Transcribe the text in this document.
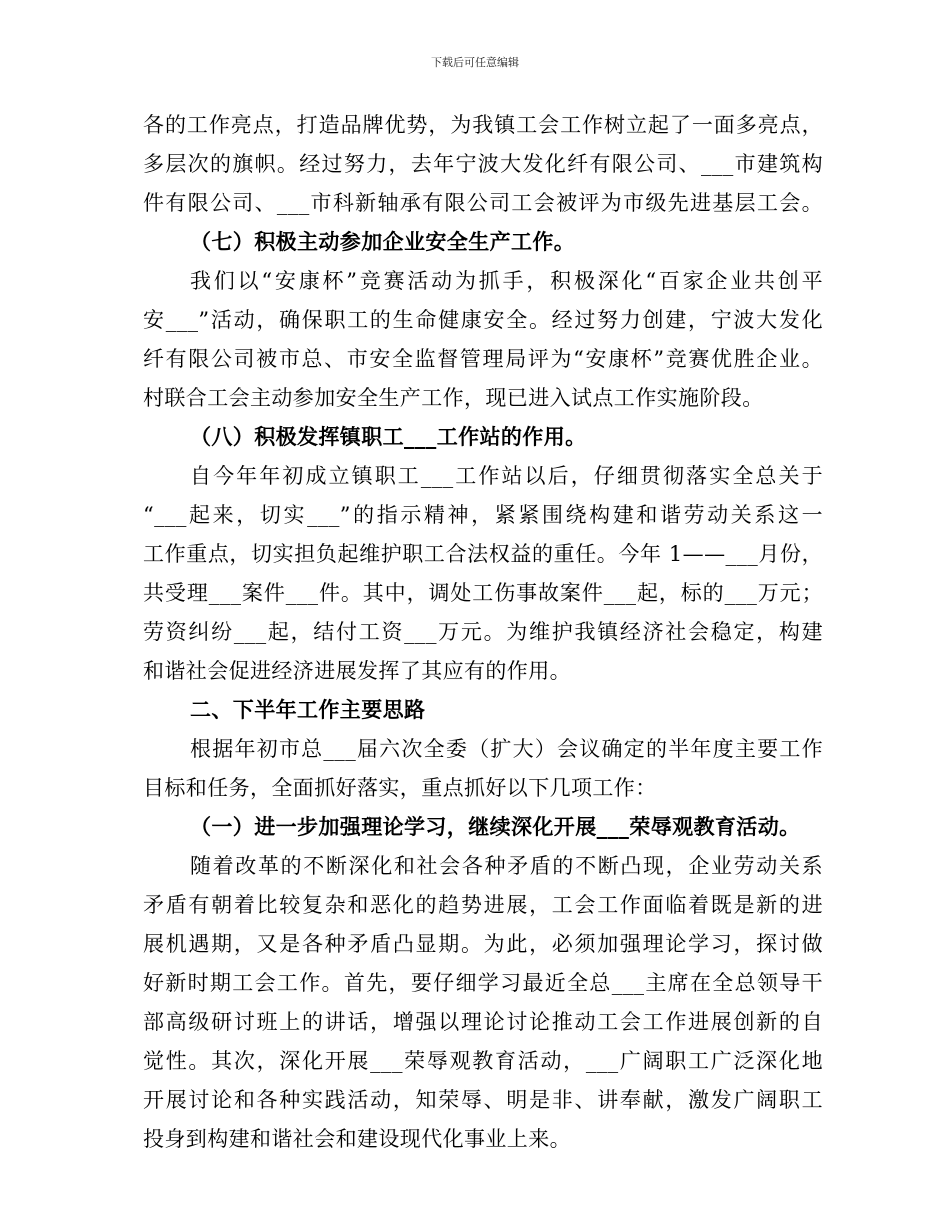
下载后可任意编辑
各的工作亮点，打造品牌优势，为我镇工会工作树立起了一面多亮点，
多层次的旗帜。经过努力，去年宁波大发化纤有限公司、___市建筑构
件有限公司、___市科新轴承有限公司工会被评为市级先进基层工会。
（七）积极主动参加企业安全生产工作。
我们以“安康杯”竞赛活动为抓手，积极深化“百家企业共创平
安___”活动，确保职工的生命健康安全。经过努力创建，宁波大发化
纤有限公司被市总、市安全监督管理局评为“安康杯”竞赛优胜企业。
村联合工会主动参加安全生产工作，现已进入试点工作实施阶段。
（八）积极发挥镇职工___工作站的作用。
自今年年初成立镇职工___工作站以后，仔细贯彻落实全总关于
“___起来，切实___”的指示精神，紧紧围绕构建和谐劳动关系这一
工作重点，切实担负起维护职工合法权益的重任。今年 1——___月份，
共受理___案件___件。其中，调处工伤事故案件___起，标的___万元；
劳资纠纷___起，结付工资___万元。为维护我镇经济社会稳定，构建
和谐社会促进经济进展发挥了其应有的作用。
二、下半年工作主要思路
根据年初市总___届六次全委（扩大）会议确定的半年度主要工作
目标和任务，全面抓好落实，重点抓好以下几项工作：
（一）进一步加强理论学习，继续深化开展___荣辱观教育活动。
随着改革的不断深化和社会各种矛盾的不断凸现，企业劳动关系
矛盾有朝着比较复杂和恶化的趋势进展，工会工作面临着既是新的进
展机遇期，又是各种矛盾凸显期。为此，必须加强理论学习，探讨做
好新时期工会工作。首先，要仔细学习最近全总___主席在全总领导干
部高级研讨班上的讲话，增强以理论讨论推动工会工作进展创新的自
觉性。其次，深化开展___荣辱观教育活动，___广阔职工广泛深化地
开展讨论和各种实践活动，知荣辱、明是非、讲奉献，激发广阔职工
投身到构建和谐社会和建设现代化事业上来。
